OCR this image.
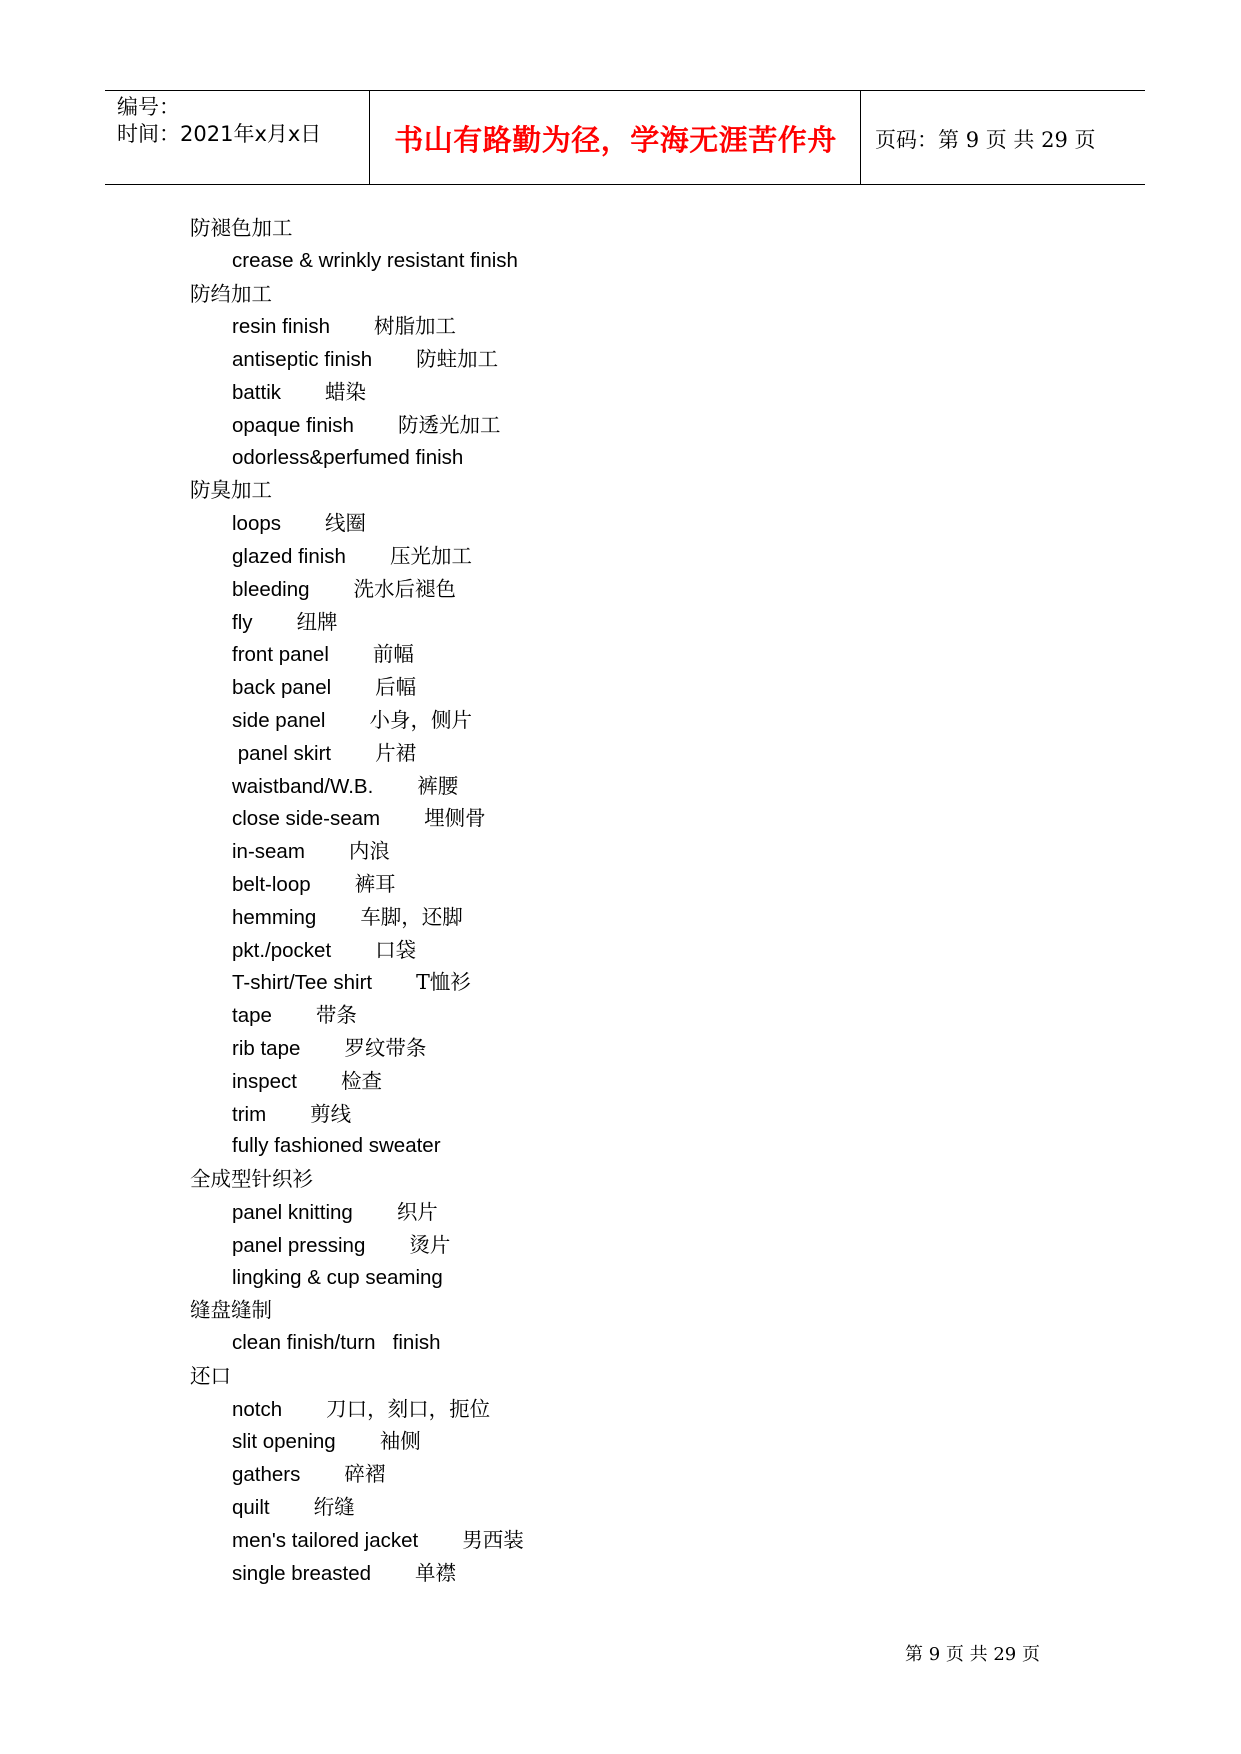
编号：
时间：2021年x月x日	书山有路勤为径，学海无涯苦作舟	页码：第 9 页 共 29 页
防褪色加工
crease & wrinkly resistant finish
防绉加工
resin finish 树脂加工
antiseptic finish 防蛀加工
battik 蜡染
opaque finish 防透光加工
odorless&perfumed finish
防臭加工
loops 线圈
glazed finish 压光加工
bleeding 洗水后褪色
fly 纽牌
front panel 前幅
back panel 后幅
side panel 小身，侧片
panel skirt 片裙
waistband/W.B. 裤腰
close side-seam 埋侧骨
in-seam 内浪
belt-loop 裤耳
hemming 车脚，还脚
pkt./pocket 口袋
T-shirt/Tee shirt T恤衫
tape 带条
rib tape 罗纹带条
inspect 检查
trim 剪线
fully fashioned sweater
全成型针织衫
panel knitting 织片
panel pressing 烫片
lingking & cup seaming
缝盘缝制
clean finish/turn   finish
还口
notch 刀口，刻口，扼位
slit opening 袖侧
gathers 碎褶
quilt 绗缝
men's tailored jacket 男西装
single breasted 单襟
第 9 页 共 29 页
